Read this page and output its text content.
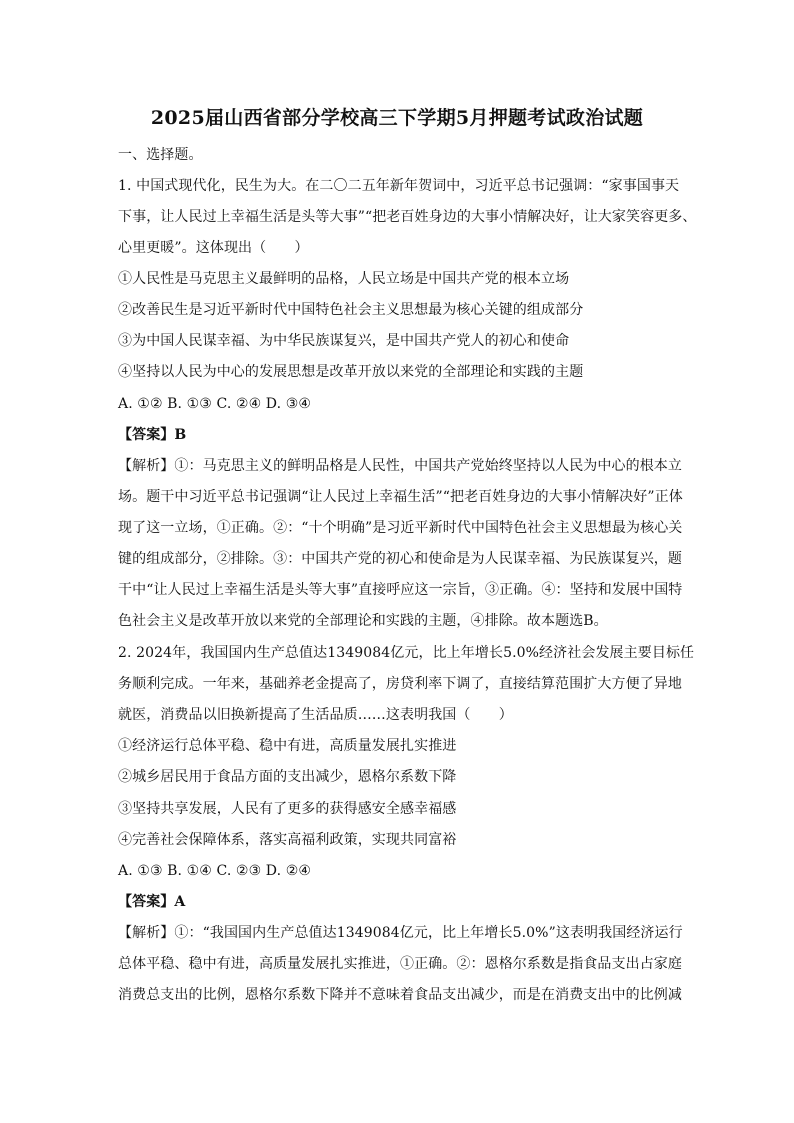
2025届山西省部分学校高三下学期5月押题考试政治试题
一、选择题。
1. 中国式现代化，民生为大。在二〇二五年新年贺词中，习近平总书记强调：“家事国事天
下事，让人民过上幸福生活是头等大事”“把老百姓身边的大事小情解决好，让大家笑容更多、
心里更暖”。这体现出（　　）
①人民性是马克思主义最鲜明的品格，人民立场是中国共产党的根本立场
②改善民生是习近平新时代中国特色社会主义思想最为核心关键的组成部分
③为中国人民谋幸福、为中华民族谋复兴，是中国共产党人的初心和使命
④坚持以人民为中心的发展思想是改革开放以来党的全部理论和实践的主题
A. ①② B. ①③ C. ②④ D. ③④
【答案】B
【解析】①：马克思主义的鲜明品格是人民性，中国共产党始终坚持以人民为中心的根本立
场。题干中习近平总书记强调“让人民过上幸福生活”“把老百姓身边的大事小情解决好”正体
现了这一立场，①正确。②：“十个明确”是习近平新时代中国特色社会主义思想最为核心关
键的组成部分，②排除。③：中国共产党的初心和使命是为人民谋幸福、为民族谋复兴，题
干中“让人民过上幸福生活是头等大事”直接呼应这一宗旨，③正确。④：坚持和发展中国特
色社会主义是改革开放以来党的全部理论和实践的主题，④排除。故本题选B。
2. 2024年，我国国内生产总值达1349084亿元，比上年增长5.0%经济社会发展主要目标任
务顺利完成。一年来，基础养老金提高了，房贷利率下调了，直接结算范围扩大方便了异地
就医，消费品以旧换新提高了生活品质……这表明我国（　　）
①经济运行总体平稳、稳中有进，高质量发展扎实推进
②城乡居民用于食品方面的支出减少，恩格尔系数下降
③坚持共享发展，人民有了更多的获得感安全感幸福感
④完善社会保障体系，落实高福利政策，实现共同富裕
A. ①③ B. ①④ C. ②③ D. ②④
【答案】A
【解析】①：“我国国内生产总值达1349084亿元，比上年增长5.0%”这表明我国经济运行
总体平稳、稳中有进，高质量发展扎实推进，①正确。②：恩格尔系数是指食品支出占家庭
消费总支出的比例，恩格尔系数下降并不意味着食品支出减少，而是在消费支出中的比例减
